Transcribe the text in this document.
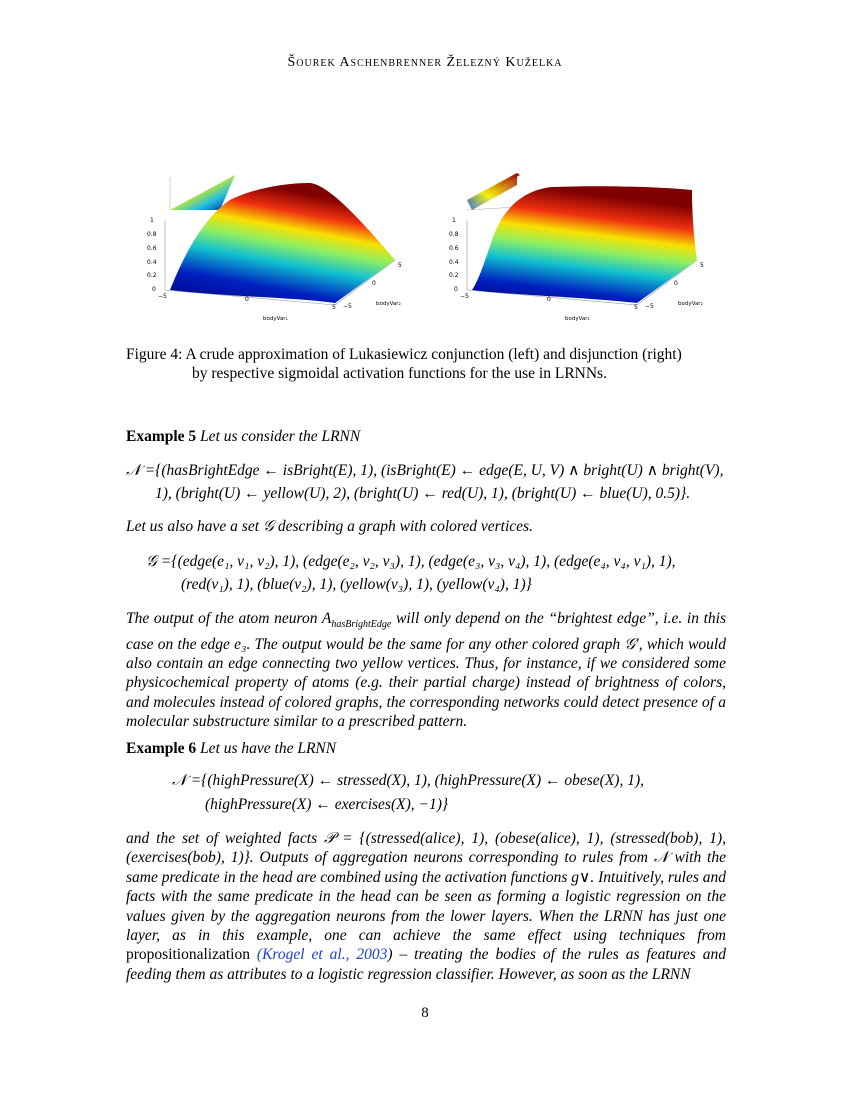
Šourek Aschenbrenner Železný Kuželka
1
0.8
0.6
0.4
0.2
0
−5	0
5 −5
0
5
bodyVar₁
bodyVar₂
1
0.8
0.6
0.4
0.2
0
−5	0
5 −5
0
5
bodyVar₁
bodyVar₂
Figure 4: A crude approximation of Lukasiewicz conjunction (left) and disjunction (right)
by respective sigmoidal activation functions for the use in LRNNs.
Example 5 Let us consider the LRNN
𝒩 ={(hasBrightEdge ← isBright(E), 1), (isBright(E) ← edge(E, U, V) ∧ bright(U) ∧ bright(V),
1), (bright(U) ← yellow(U), 2), (bright(U) ← red(U), 1), (bright(U) ← blue(U), 0.5)}.
Let us also have a set 𝒢 describing a graph with colored vertices.
𝒢 ={(edge(e₁, v₁, v₂), 1), (edge(e₂, v₂, v₃), 1), (edge(e₃, v₃, v₄), 1), (edge(e₄, v₄, v₁), 1),
(red(v₁), 1), (blue(v₂), 1), (yellow(v₃), 1), (yellow(v₄), 1)}
The output of the atom neuron $A_{hasBrightEdge}$ will only depend on the “brightest edge”, i.e. in this case on the edge e₃. The output would be the same for any other colored graph 𝒢′, which would also contain an edge connecting two yellow vertices. Thus, for instance, if we considered some physicochemical property of atoms (e.g. their partial charge) instead of brightness of colors, and molecules instead of colored graphs, the corresponding networks could detect presence of a molecular substructure similar to a prescribed pattern.
Example 6 Let us have the LRNN
𝒩 ={(highPressure(X) ← stressed(X), 1), (highPressure(X) ← obese(X), 1),
(highPressure(X) ← exercises(X), −1)}
and the set of weighted facts 𝒫 = {(stressed(alice), 1), (obese(alice), 1), (stressed(bob), 1), (exercises(bob), 1)}. Outputs of aggregation neurons corresponding to rules from 𝒩 with the same predicate in the head are combined using the activation functions g∨. Intuitively, rules and facts with the same predicate in the head can be seen as forming a logistic regression on the values given by the aggregation neurons from the lower layers. When the LRNN has just one layer, as in this example, one can achieve the same effect using techniques from propositionalization (Krogel et al., 2003) – treating the bodies of the rules as features and feeding them as attributes to a logistic regression classifier. However, as soon as the LRNN
8
